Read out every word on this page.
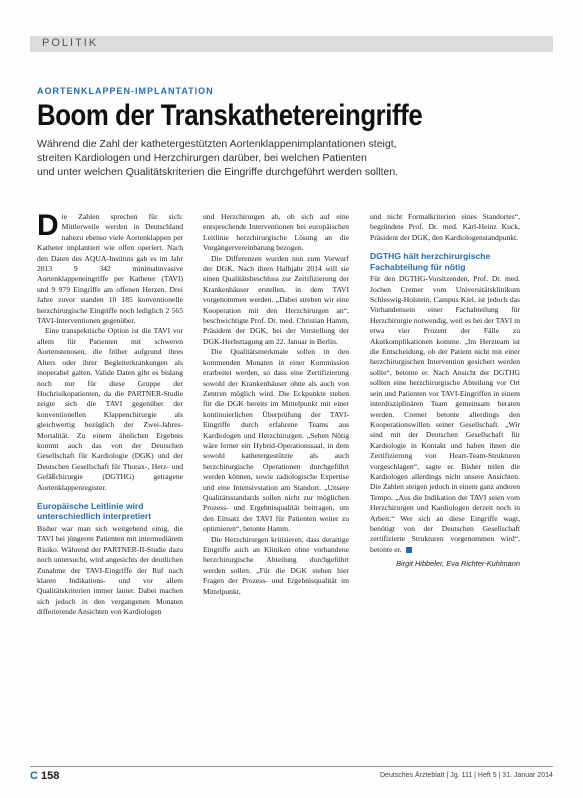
POLITIK
AORTENKLAPPEN-IMPLANTATION
Boom der Transkathetereingriffe
Während die Zahl der kathetergestützten Aortenklappenimplantationen steigt,
streiten Kardiologen und Herzchirurgen darüber, bei welchen Patienten
und unter welchen Qualitätskriterien die Eingriffe durchgeführt werden sollten.

Die Zahlen sprechen für sich: Mittlerweile werden in Deutschland nahezu ebenso viele Aortenklappen per Katheter implantiert wie offen operiert. Nach den Daten des AQUA-Instituts gab es im Jahr 2013 9 342 minimalinvasive Aortenklappeneingriffe per Katheter (TAVI) und 9 979 Eingriffe am offenen Herzen. Drei Jahre zuvor standen 10 185 konventionelle herzchirurgische Eingriffe noch lediglich 2 565 TAVI-Interventionen gegenüber.

Eine transpektische Option ist die TAVI vor allem für Patienten mit schweren Aortenstenosen, die früher aufgrund ihres Alters oder ihrer Begleiterkrankungen als inoperabel galten. Valide Daten gibt es bislang noch nur für diese Gruppe der Hochrisikopatienten, da die PARTNER-Studie zeigte sich die TAVI gegenüber der konventionellen Klappenchirurgie als gleichwertig bezüglich der Zwei-Jahres-Mortalität. Zu einem ähnlichen Ergebnis kommt auch das von der Deutschen Gesellschaft für Kardiologie (DGK) und der Deutschen Gesellschaft für Thorax-, Herz- und Gefäßchirurgie (DGTHG) getragene Aortenklappenregister.

Europäische Leitlinie wird unterschiedlich interpretiert

Bisher war man sich weitgehend einig, die TAVI bei jüngeren Patienten mit intermediärem Risiko. Während der PARTNER-II-Studie dazu noch untersucht, wird angesichts der deutlichen Zunahme der TAVI-Eingriffe der Ruf nach klaren Indikations- und vor allem Qualitätskriterien immer lauter. Dabei machen sich jedoch in den vergangenen Monaten differierende Ansichten von Kardiologen

und Herzchirurgen ab, ob sich auf eine entsprechende Interventionen bei europäischen Leitlinie herzchirurgische Lösung an die Vorgängervereinbarung bezogen.

Die Differenzen wurden nun zum Vorwurf der DGK. Nach ihren Halbjahr 2014 will sie einen Qualitätsbeschluss zur Zertifizierung der Krankenhäuser erstellen, in dem TAVI vorgenommen werden. „Dabei streben wir eine Kooperation mit den Herzchirurgen an“, beschwichtigte Prof. Dr. med. Christian Hamm, Präsident der DGK, bei der Vorstellung der DGK-Herbsttagung am 22. Januar in Berlin.

Die Qualitätsmerkmale sollen in den kommenden Monaten in einer Kommission erarbeitet werden, so dass eine Zertifizierung sowohl der Krankenhäuser ohne als auch von Zentren möglich wird. Die Eckpunkte stehen für die DGK bereits im Mittelpunkt mit einer kontinuierlichen Überprüfung der TAVI-Eingriffe durch erfahrene Teams aus Kardiologen und Herzchirurgen. „Sehen Nötig wäre ferner ein Hybrid-Operationssaal, in dem sowohl kathetergestützte als auch herzchirurgische Operationen durchgeführt werden können, sowie radiologische Expertise und eine Intensivstation am Standort. „Unsere Qualitätsstandards sollen nicht zur möglichen Prozess- und Ergebnisqualität beitragen, um den Einsatz der TAVI für Patienten weiter zu optimieren“, betonte Hamm.

Die Herzchirurgen kritisieren, dass derartige Eingriffe auch an Kliniken ohne vorhandene herzchirurgische Abteilung durchgeführt werden sollen. „Für die DGK stehen hier Fragen der Prozess- und Ergebnisqualität im Mittelpunkt,

und nicht Formalkriterien eines Standortes“, begründete Prof. Dr. med. Karl-Heinz Kuck, Präsident der DGK, den Kardiologenstandpunkt.

DGTHG hält herzchirurgische Fachabteilung für nötig

Für den DGTHG-Vorsitzenden, Prof. Dr. med. Jochen Cremer vom Universitätsklinikum Schleswig-Holstein, Campus Kiel, ist jedoch das Vorhandensein einer Fachabteilung für Herzchirurgie notwendig, weil es bei der TAVI in etwa vier Prozent der Fälle zu Akutkomplikationen komme. „Im Herzteam ist die Entscheidung, ob der Patient nicht mit einer herzchirurgischen Intervention gesichert werden sollte“, betonte er. Nach Ansicht der DGTHG sollten eine herzchirurgische Abteilung vor Ort sein und Patienten vor TAVI-Eingriffen in einem interdisziplinären Team gemeinsam beraten werden. Cremer betonte allerdings den Kooperationswillen seiner Gesellschaft. „Wir sind mit der Deutschen Gesellschaft für Kardiologie in Kontakt und haben ihnen die Zertifizierung von Heart-Team-Strukturen vorgeschlagen“, sagte er. Bisher teilen die Kardiologen allerdings nicht unsere Ansichten. Die Zahlen steigen jedoch in einem ganz anderen Tempo. „Aus die Indikation der TAVI seien vom Herzchirurgen und Kardiologen derzeit noch in Arbeit.“ Wer sich an diese Eingriffe wagt, benötigt von der Deutschen Gesellschaft zertifizierte Strukturen vorgenommen wird“, betonte er.

Birgit Hibbeler, Eva Richter-Kuhlmann
C 158	Deutsches Ärzteblatt | Jg. 111 | Heft 5 | 31. Januar 2014
